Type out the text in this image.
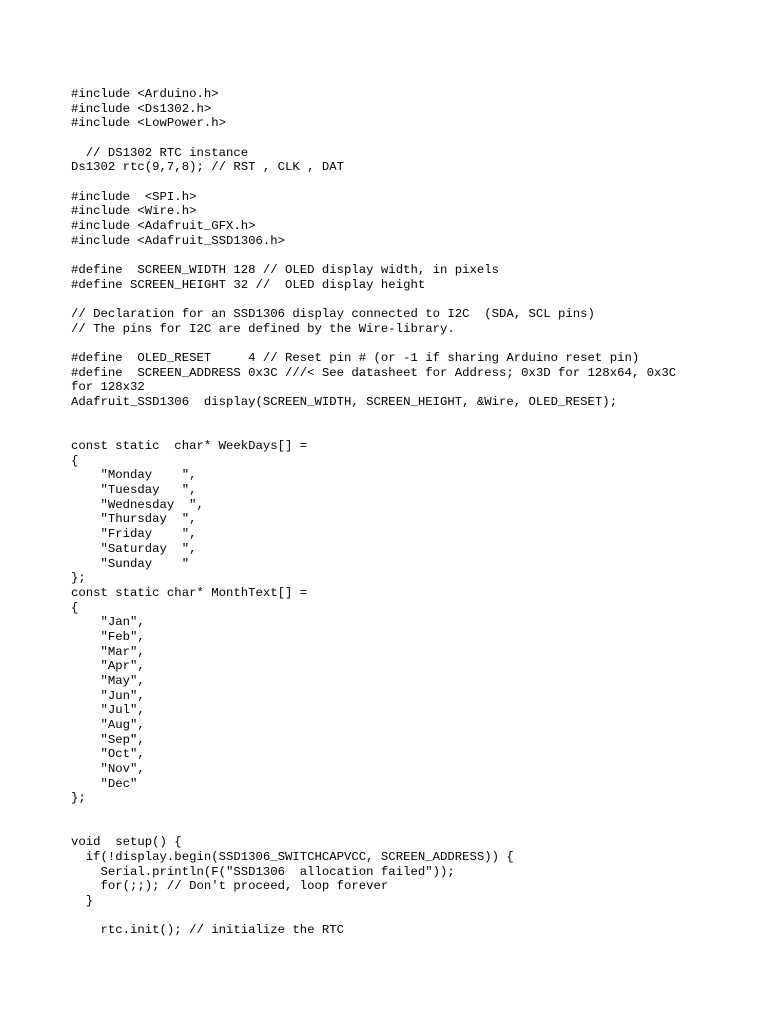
#include <Arduino.h>
#include <Ds1302.h>
#include <LowPower.h>
// DS1302 RTC instance
Ds1302 rtc(9,7,8); // RST , CLK , DAT
#include  <SPI.h>
#include <Wire.h>
#include <Adafruit_GFX.h>
#include <Adafruit_SSD1306.h>
#define  SCREEN_WIDTH 128 // OLED display width, in pixels
#define SCREEN_HEIGHT 32 //  OLED display height
// Declaration for an SSD1306 display connected to I2C  (SDA, SCL pins)
// The pins for I2C are defined by the Wire-library.
#define  OLED_RESET     4 // Reset pin # (or -1 if sharing Arduino reset pin)
#define  SCREEN_ADDRESS 0x3C ///< See datasheet for Address; 0x3D for 128x64, 0x3C
for 128x32
Adafruit_SSD1306  display(SCREEN_WIDTH, SCREEN_HEIGHT, &Wire, OLED_RESET);
const static  char* WeekDays[] =
{
"Monday    ",
"Tuesday   ",
"Wednesday  ",
"Thursday  ",
"Friday    ",
"Saturday  ",
"Sunday    "
};
const static char* MonthText[] =
{
"Jan",
"Feb",
"Mar",
"Apr",
"May",
"Jun",
"Jul",
"Aug",
"Sep",
"Oct",
"Nov",
"Dec"
};
void  setup() {
if(!display.begin(SSD1306_SWITCHCAPVCC, SCREEN_ADDRESS)) {
Serial.println(F("SSD1306  allocation failed"));
for(;;); // Don't proceed, loop forever
}
rtc.init(); // initialize the RTC
